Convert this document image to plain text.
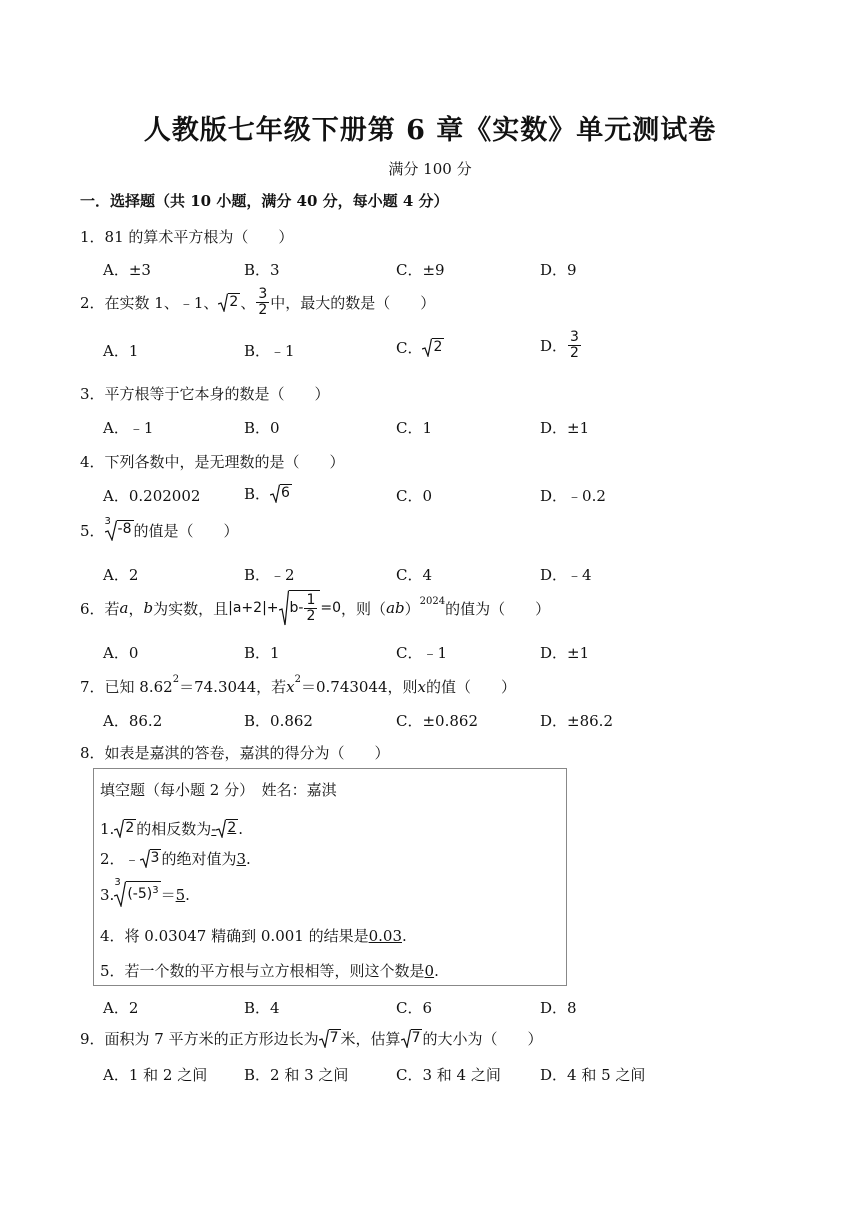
人教版七年级下册第 6 章《实数》单元测试卷
满分 100 分
一．选择题（共 10 小题，满分 40 分，每小题 4 分）
1．81 的算术平方根为（　　）
A．±3	B．3	C．±9	D．9
2．在实数 1、﹣1、 2 、 $\frac{3}{2}$ 中，最大的数是（　　）
A．1	B．﹣1	C． 2	D． $\frac{3}{2}$
3．平方根等于它本身的数是（　　）
A．﹣1	B．0	C．1	D．±1
4．下列各数中，是无理数的是（　　）
A．0.202002	B． 6	C．0	D．﹣0.2
5．
3 -8 的值是（　　）
A．2	B．﹣2	C．4	D．﹣4
6．若 a ， b 为实数，且 $|a+2|+ b- \frac{1}{2} =0$ ，则（ ab ） 2024 的值为（　　）
A．0	B．1	C．﹣1	D．±1
7．已知 8.62 2 ＝74.3044，若 x 2 ＝0.743044，则 x 的值（　　）
A．86.2	B．0.862	C．±0.862	D．±86.2
8．如表是嘉淇的答卷，嘉淇的得分为（　　）
填空题（每小题 2 分）　姓名：嘉淇
1. 2 的相反数为 - 2 .
2．﹣ 3 的绝对值为 3 .
3.
3
$(-5)^3 = 5$ .
4．将 0.03047 精确到 0.001 的结果是 0.03 .
5．若一个数的平方根与立方根相等，则这个数是 0 .
A．2	B．4	C．6	D．8
9．面积为 7 平方米的正方形边长为 7 米，估算 7 的大小为（　　）
A．1 和 2 之间 B．2 和 3 之间	C．3 和 4 之间	D．4 和 5 之间
